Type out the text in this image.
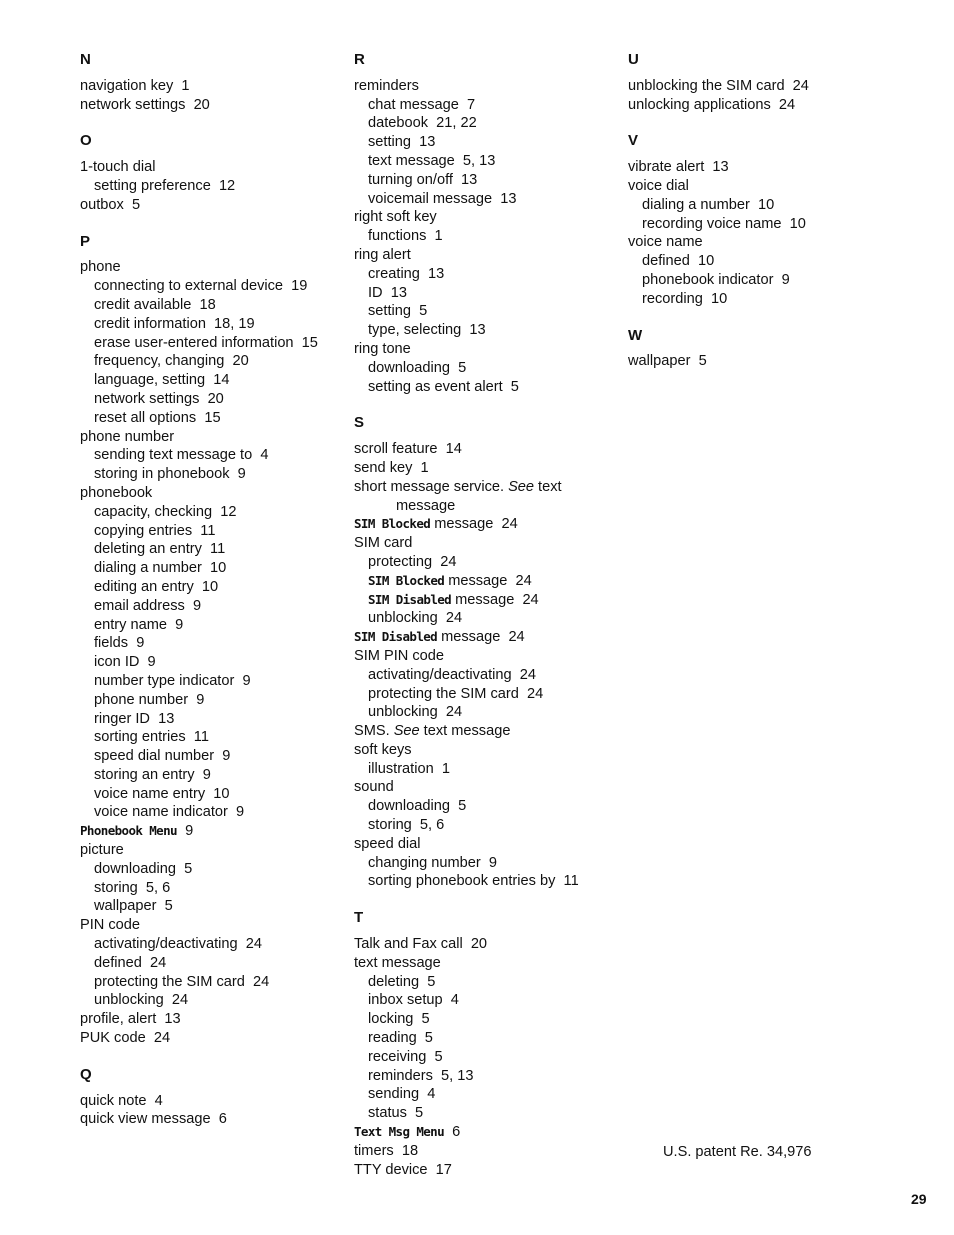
N
navigation key 1
network settings 20
O
1-touch dial
setting preference 12
outbox 5
P
phone
connecting to external device 19
credit available 18
credit information 18, 19
erase user-entered information 15
frequency, changing 20
language, setting 14
network settings 20
reset all options 15
phone number
sending text message to 4
storing in phonebook 9
phonebook
capacity, checking 12
copying entries 11
deleting an entry 11
dialing a number 10
editing an entry 10
email address 9
entry name 9
fields 9
icon ID 9
number type indicator 9
phone number 9
ringer ID 13
sorting entries 11
speed dial number 9
storing an entry 9
voice name entry 10
voice name indicator 9
Phonebook Menu 9
picture
downloading 5
storing 5, 6
wallpaper 5
PIN code
activating/deactivating 24
defined 24
protecting the SIM card 24
unblocking 24
profile, alert 13
PUK code 24
Q
quick note 4
quick view message 6
R
reminders
chat message 7
datebook 21, 22
setting 13
text message 5, 13
turning on/off 13
voicemail message 13
right soft key
functions 1
ring alert
creating 13
ID 13
setting 5
type, selecting 13
ring tone
downloading 5
setting as event alert 5
S
scroll feature 14
send key 1
short message service. See text
message
SIM Blocked message 24
SIM card
protecting 24
SIM Blocked message 24
SIM Disabled message 24
unblocking 24
SIM Disabled message 24
SIM PIN code
activating/deactivating 24
protecting the SIM card 24
unblocking 24
SMS. See text message
soft keys
illustration 1
sound
downloading 5
storing 5, 6
speed dial
changing number 9
sorting phonebook entries by 11
T
Talk and Fax call 20
text message
deleting 5
inbox setup 4
locking 5
reading 5
receiving 5
reminders 5, 13
sending 4
status 5
Text Msg Menu 6
timers 18
TTY device 17
U
unblocking the SIM card 24
unlocking applications 24
V
vibrate alert 13
voice dial
dialing a number 10
recording voice name 10
voice name
defined 10
phonebook indicator 9
recording 10
W
wallpaper 5
U.S. patent Re. 34,976
29
